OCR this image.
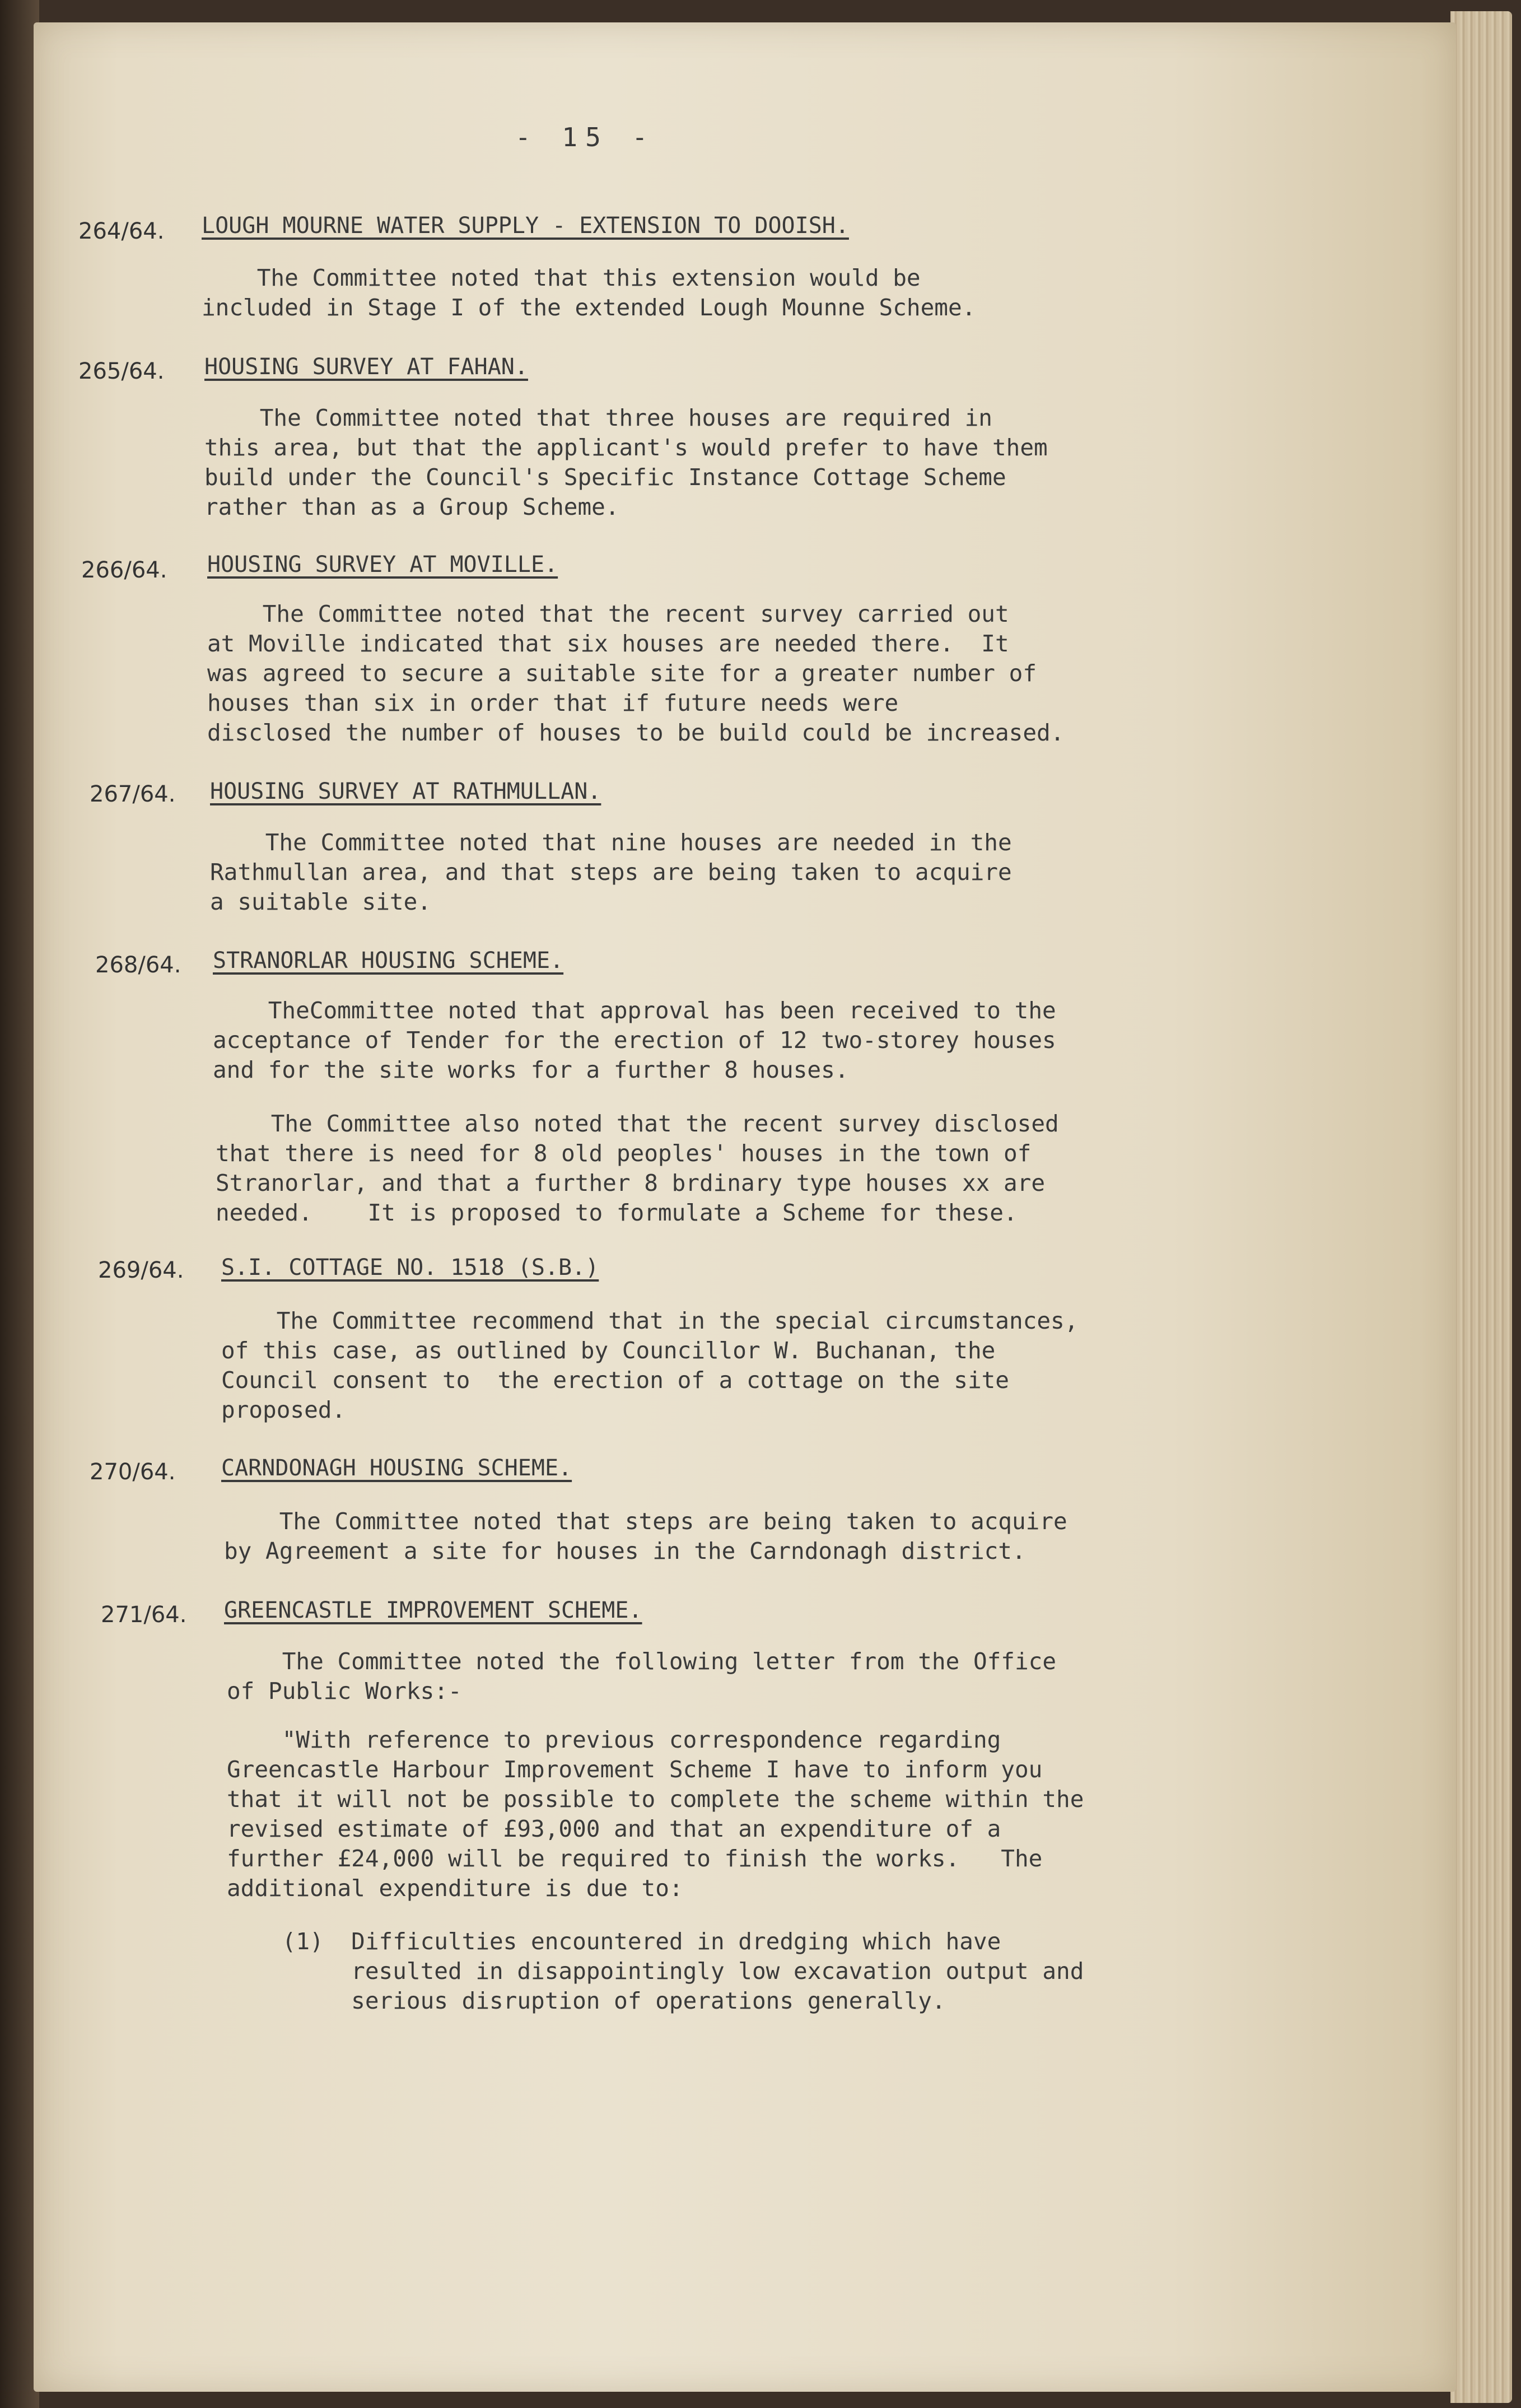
- 15 -
264/64. LOUGH MOURNE WATER SUPPLY - EXTENSION TO DOOISH.

The Committee noted that this extension would be
included in Stage I of the extended Lough Mounne Scheme.

265/64. HOUSING SURVEY AT FAHAN.

The Committee noted that three houses are required in
this area, but that the applicant's would prefer to have them
build under the Council's Specific Instance Cottage Scheme
rather than as a Group Scheme.

266/64. HOUSING SURVEY AT MOVILLE.

The Committee noted that the recent survey carried out
at Moville indicated that six houses are needed there.  It
was agreed to secure a suitable site for a greater number of
houses than six in order that if future needs were
disclosed the number of houses to be build could be increased.

267/64. HOUSING SURVEY AT RATHMULLAN.

The Committee noted that nine houses are needed in the
Rathmullan area, and that steps are being taken to acquire
a suitable site.

268/64. STRANORLAR HOUSING SCHEME.

TheCommittee noted that approval has been received to the
acceptance of Tender for the erection of 12 two-storey houses
and for the site works for a further 8 houses.

The Committee also noted that the recent survey disclosed
that there is need for 8 old peoples' houses in the town of
Stranorlar, and that a further 8 brdinary type houses xx are
needed.    It is proposed to formulate a Scheme for these.

269/64. S.I. COTTAGE NO. 1518 (S.B.)

The Committee recommend that in the special circumstances,
of this case, as outlined by Councillor W. Buchanan, the
Council consent to  the erection of a cottage on the site
proposed.

270/64. CARNDONAGH HOUSING SCHEME.

The Committee noted that steps are being taken to acquire
by Agreement a site for houses in the Carndonagh district.

271/64. GREENCASTLE IMPROVEMENT SCHEME.

The Committee noted the following letter from the Office
of Public Works:-

"With reference to previous correspondence regarding
Greencastle Harbour Improvement Scheme I have to inform you
that it will not be possible to complete the scheme within the
revised estimate of £93,000 and that an expenditure of a
further £24,000 will be required to finish the works.   The
additional expenditure is due to:

(1)  Difficulties encountered in dredging which have
resulted in disappointingly low excavation output and
serious disruption of operations generally.
